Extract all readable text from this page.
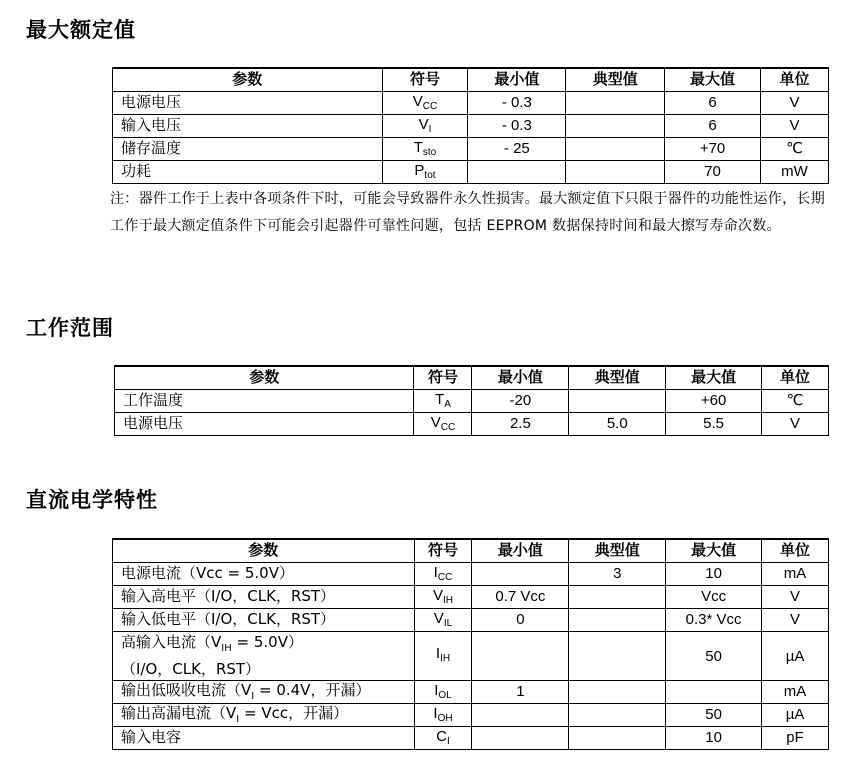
最大额定值
参数	符号	最小值	典型值	最大值	单位
电源电压	$V_{CC}$	- 0.3		6	V
输入电压	$V_I$	- 0.3		6	V
储存温度	$T_{sto}$	- 25		+70	℃
功耗	$P_{tot}$			70	mW

注：器件工作于上表中各项条件下时，可能会导致器件永久性损害。最大额定值下只限于器件的功能性运作，长期工作于最大额定值条件下可能会引起器件可靠性问题，包括 EEPROM 数据保持时间和最大擦写寿命次数。

工作范围
参数	符号	最小值	典型值	最大值	单位
工作温度	$T_A$	-20		+60	℃
电源电压	$V_{CC}$	2.5	5.0	5.5	V
直流电学特性
参数	符号	最小值	典型值	最大值	单位
电源电流（Vcc = 5.0V）	$I_{CC}$		3	10	mA
输入高电平（I/O，CLK，RST）	$V_{IH}$	0.7 Vcc		Vcc	V
输入低电平（I/O，CLK，RST）	$V_{IL}$	0		0.3* Vcc	V
高输入电流$(V_{IH} = 5.0V)$
（I/O，CLK，RST）	$I_{IH}$			50	µA
输出低吸收电流（$V_I = 0.4V$，开漏）	$I_{OL}$	1			mA
输出高漏电流（$V_I$ = Vcc，开漏）	$I_{OH}$			50	µA
输入电容	$C_I$			10	pF
